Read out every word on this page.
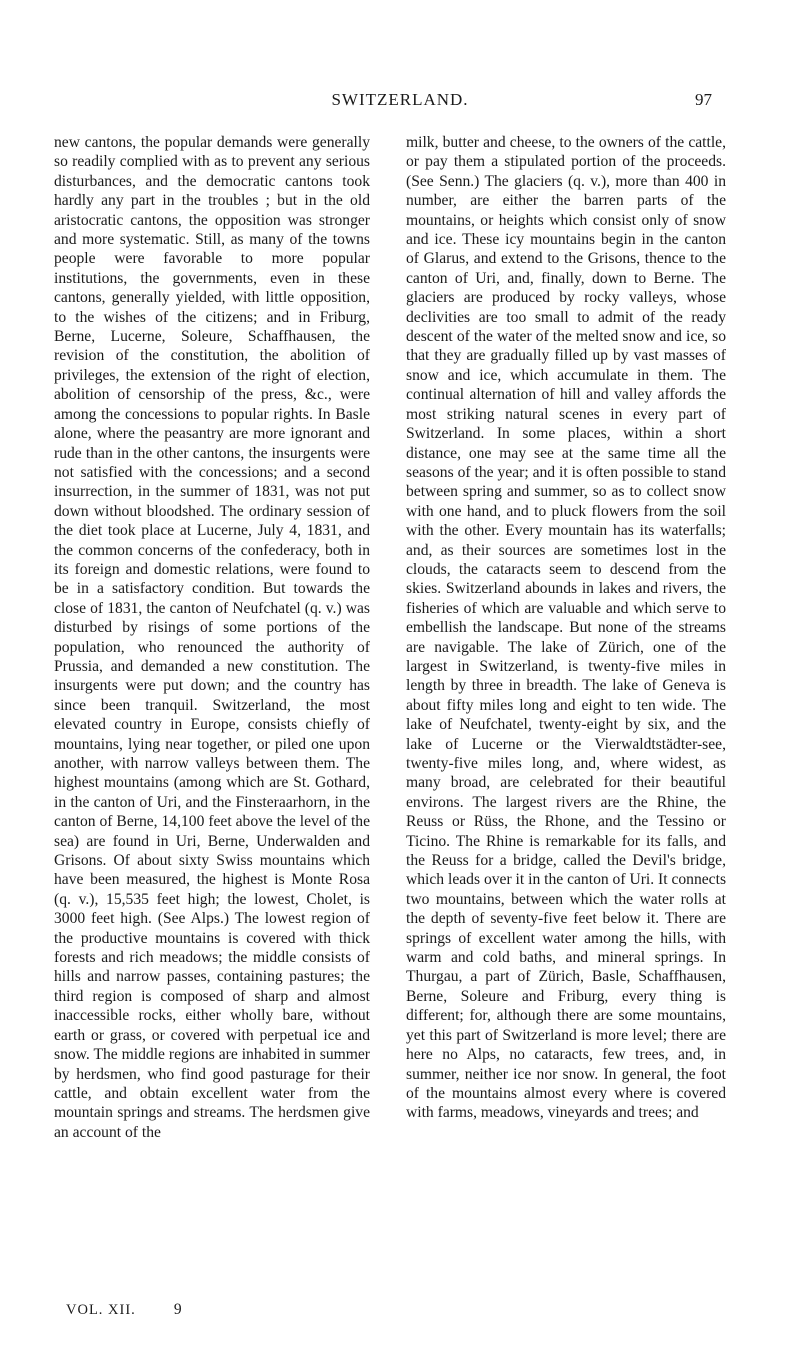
SWITZERLAND.	97

new cantons, the popular demands were generally so readily complied with as to prevent any serious disturbances, and the democratic cantons took hardly any part in the troubles ; but in the old aristocratic cantons, the opposition was stronger and more systematic. Still, as many of the towns people were favorable to more popular institutions, the governments, even in these cantons, generally yielded, with little opposition, to the wishes of the citizens; and in Friburg, Berne, Lucerne, Soleure, Schaffhausen, the revision of the constitution, the abolition of privileges, the extension of the right of election, abolition of censorship of the press, &c., were among the concessions to popular rights. In Basle alone, where the peasantry are more ignorant and rude than in the other cantons, the insurgents were not satisfied with the concessions; and a second insurrection, in the summer of 1831, was not put down without bloodshed. The ordinary session of the diet took place at Lucerne, July 4, 1831, and the common concerns of the confederacy, both in its foreign and domestic relations, were found to be in a satisfactory condition. But towards the close of 1831, the canton of Neufchatel (q. v.) was disturbed by risings of some portions of the population, who renounced the authority of Prussia, and demanded a new constitution. The insurgents were put down; and the country has since been tranquil. Switzerland, the most elevated country in Europe, consists chiefly of mountains, lying near together, or piled one upon another, with narrow valleys between them. The highest mountains (among which are St. Gothard, in the canton of Uri, and the Finsteraarhorn, in the canton of Berne, 14,100 feet above the level of the sea) are found in Uri, Berne, Underwalden and Grisons. Of about sixty Swiss mountains which have been measured, the highest is Monte Rosa (q. v.), 15,535 feet high; the lowest, Cholet, is 3000 feet high. (See Alps.) The lowest region of the productive mountains is covered with thick forests and rich meadows; the middle consists of hills and narrow passes, containing pastures; the third region is composed of sharp and almost inaccessible rocks, either wholly bare, without earth or grass, or covered with perpetual ice and snow. The middle regions are inhabited in summer by herdsmen, who find good pasturage for their cattle, and obtain excellent water from the mountain springs and streams. The herdsmen give an account of the

milk, butter and cheese, to the owners of the cattle, or pay them a stipulated portion of the proceeds. (See Senn.) The glaciers (q. v.), more than 400 in number, are either the barren parts of the mountains, or heights which consist only of snow and ice. These icy mountains begin in the canton of Glarus, and extend to the Grisons, thence to the canton of Uri, and, finally, down to Berne. The glaciers are produced by rocky valleys, whose declivities are too small to admit of the ready descent of the water of the melted snow and ice, so that they are gradually filled up by vast masses of snow and ice, which accumulate in them. The continual alternation of hill and valley affords the most striking natural scenes in every part of Switzerland. In some places, within a short distance, one may see at the same time all the seasons of the year; and it is often possible to stand between spring and summer, so as to collect snow with one hand, and to pluck flowers from the soil with the other. Every mountain has its waterfalls; and, as their sources are sometimes lost in the clouds, the cataracts seem to descend from the skies. Switzerland abounds in lakes and rivers, the fisheries of which are valuable and which serve to embellish the landscape. But none of the streams are navigable. The lake of Zürich, one of the largest in Switzerland, is twenty-five miles in length by three in breadth. The lake of Geneva is about fifty miles long and eight to ten wide. The lake of Neufchatel, twenty-eight by six, and the lake of Lucerne or the Vierwaldtstädter-see, twenty-five miles long, and, where widest, as many broad, are celebrated for their beautiful environs. The largest rivers are the Rhine, the Reuss or Rüss, the Rhone, and the Tessino or Ticino. The Rhine is remarkable for its falls, and the Reuss for a bridge, called the Devil's bridge, which leads over it in the canton of Uri. It connects two mountains, between which the water rolls at the depth of seventy-five feet below it. There are springs of excellent water among the hills, with warm and cold baths, and mineral springs. In Thurgau, a part of Zürich, Basle, Schaffhausen, Berne, Soleure and Friburg, every thing is different; for, although there are some mountains, yet this part of Switzerland is more level; there are here no Alps, no cataracts, few trees, and, in summer, neither ice nor snow. In general, the foot of the mountains almost every where is covered with farms, meadows, vineyards and trees; and

VOL. XII. 9
